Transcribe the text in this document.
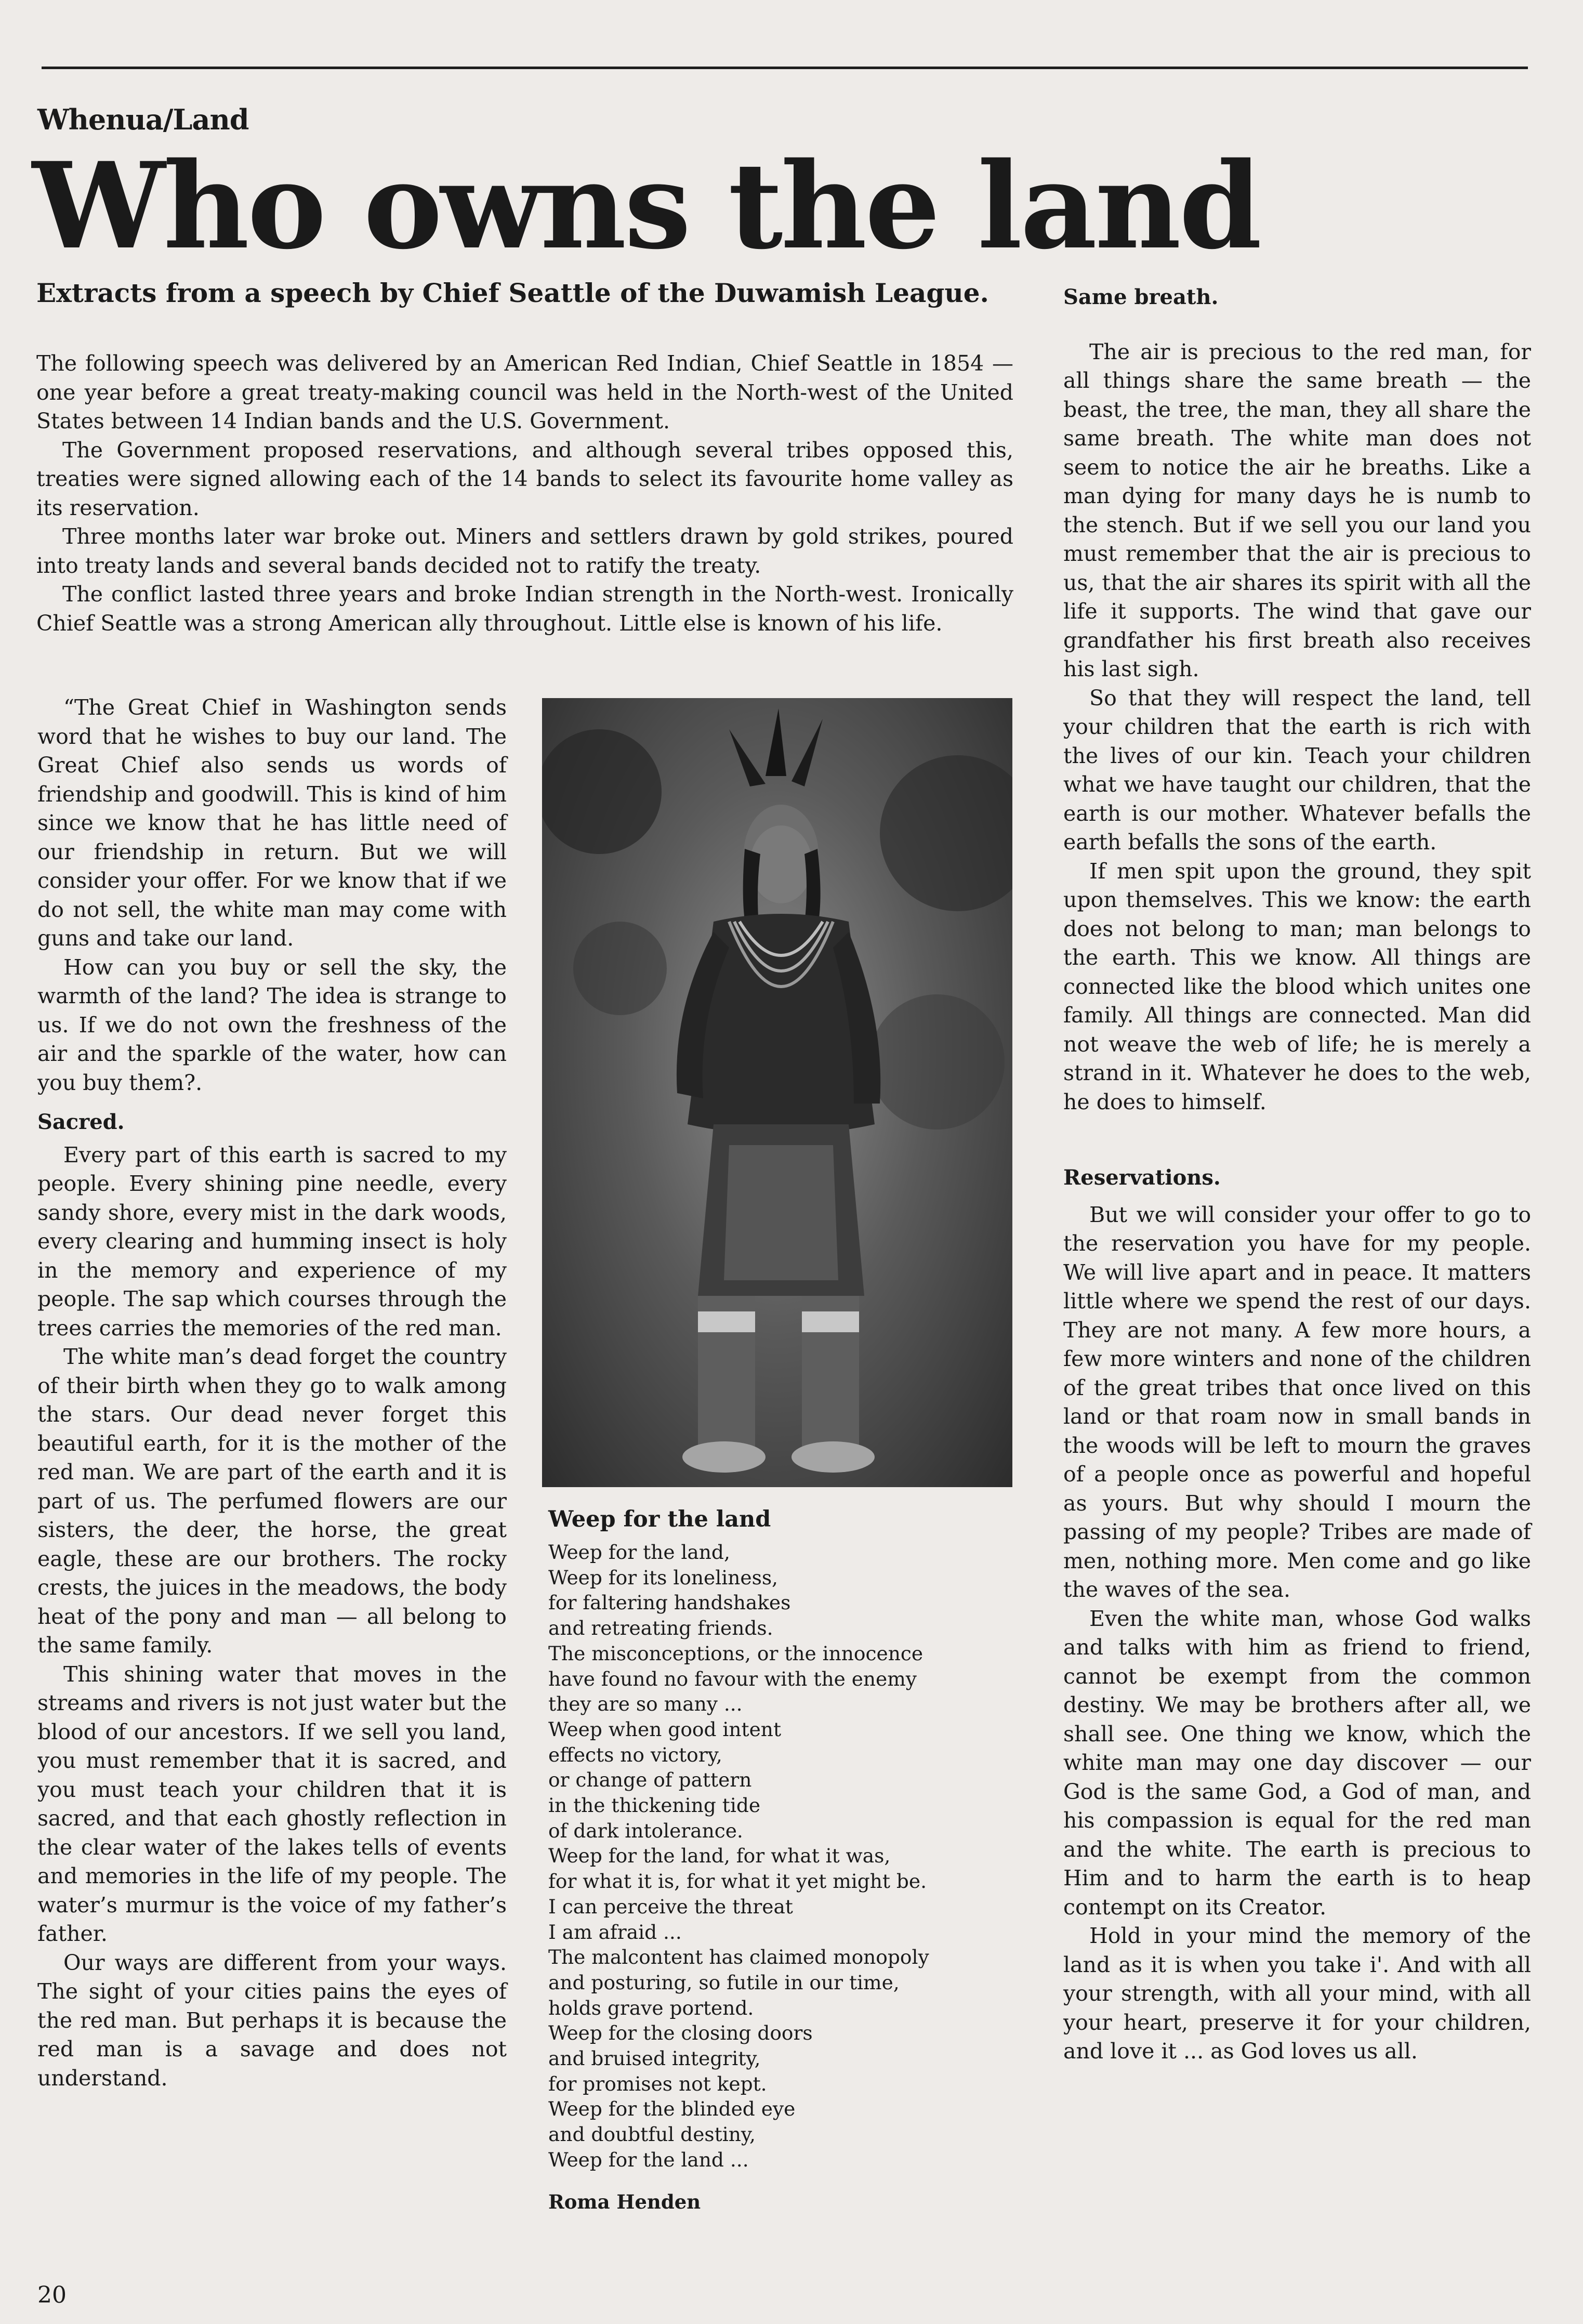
Whenua/Land
Who owns the land
Extracts from a speech by Chief Seattle of the Duwamish League.

The following speech was delivered by an American Red Indian, Chief Seattle in 1854 — one year before a great treaty-making council was held in the North-west of the United States between 14 Indian bands and the U.S. Government.

The Government proposed reservations, and although several tribes opposed this, treaties were signed allowing each of the 14 bands to select its favourite home valley as its reservation.

Three months later war broke out. Miners and settlers drawn by gold strikes, poured into treaty lands and several bands decided not to ratify the treaty.

The conflict lasted three years and broke Indian strength in the North-west. Ironically Chief Seattle was a strong American ally throughout. Little else is known of his life.

“The Great Chief in Washington sends word that he wishes to buy our land. The Great Chief also sends us words of friendship and goodwill. This is kind of him since we know that he has little need of our friendship in return. But we will consider your offer. For we know that if we do not sell, the white man may come with guns and take our land.

How can you buy or sell the sky, the warmth of the land? The idea is strange to us. If we do not own the freshness of the air and the sparkle of the water, how can you buy them?.

Sacred.

Every part of this earth is sacred to my people. Every shining pine needle, every sandy shore, every mist in the dark woods, every clearing and humming insect is holy in the memory and experience of my people. The sap which courses through the trees carries the memories of the red man.

The white man’s dead forget the country of their birth when they go to walk among the stars. Our dead never forget this beautiful earth, for it is the mother of the red man. We are part of the earth and it is part of us. The perfumed flowers are our sisters, the deer, the horse, the great eagle, these are our brothers. The rocky crests, the juices in the meadows, the body heat of the pony and man — all belong to the same family.

This shining water that moves in the streams and rivers is not just water but the blood of our ancestors. If we sell you land, you must remember that it is sacred, and you must teach your children that it is sacred, and that each ghostly reflection in the clear water of the lakes tells of events and memories in the life of my people. The water’s murmur is the voice of my father’s father.

Our ways are different from your ways. The sight of your cities pains the eyes of the red man. But perhaps it is because the red man is a savage and does not understand.

Weep for the land
Weep for the land,
Weep for its loneliness,
for faltering handshakes
and retreating friends.
The misconceptions, or the innocence
have found no favour with the enemy
they are so many ...
Weep when good intent
effects no victory,
or change of pattern
in the thickening tide
of dark intolerance.
Weep for the land, for what it was,
for what it is, for what it yet might be.
I can perceive the threat
I am afraid ...
The malcontent has claimed monopoly
and posturing, so futile in our time,
holds grave portend.
Weep for the closing doors
and bruised integrity,
for promises not kept.
Weep for the blinded eye
and doubtful destiny,
Weep for the land ...
Roma Henden
Same breath.

The air is precious to the red man, for all things share the same breath — the beast, the tree, the man, they all share the same breath. The white man does not seem to notice the air he breaths. Like a man dying for many days he is numb to the stench. But if we sell you our land you must remember that the air is precious to us, that the air shares its spirit with all the life it supports. The wind that gave our grandfather his first breath also receives his last sigh.

So that they will respect the land, tell your children that the earth is rich with the lives of our kin. Teach your children what we have taught our children, that the earth is our mother. Whatever befalls the earth befalls the sons of the earth.

If men spit upon the ground, they spit upon themselves. This we know: the earth does not belong to man; man belongs to the earth. This we know. All things are connected like the blood which unites one family. All things are connected. Man did not weave the web of life; he is merely a strand in it. Whatever he does to the web, he does to himself.

Reservations.

But we will consider your offer to go to the reservation you have for my people. We will live apart and in peace. It matters little where we spend the rest of our days. They are not many. A few more hours, a few more winters and none of the children of the great tribes that once lived on this land or that roam now in small bands in the woods will be left to mourn the graves of a people once as powerful and hopeful as yours. But why should I mourn the passing of my people? Tribes are made of men, nothing more. Men come and go like the waves of the sea.

Even the white man, whose God walks and talks with him as friend to friend, cannot be exempt from the common destiny. We may be brothers after all, we shall see. One thing we know, which the white man may one day discover — our God is the same God, a God of man, and his compassion is equal for the red man and the white. The earth is precious to Him and to harm the earth is to heap contempt on its Creator.

Hold in your mind the memory of the land as it is when you take i'. And with all your strength, with all your mind, with all your heart, preserve it for your children, and love it ... as God loves us all.

20
